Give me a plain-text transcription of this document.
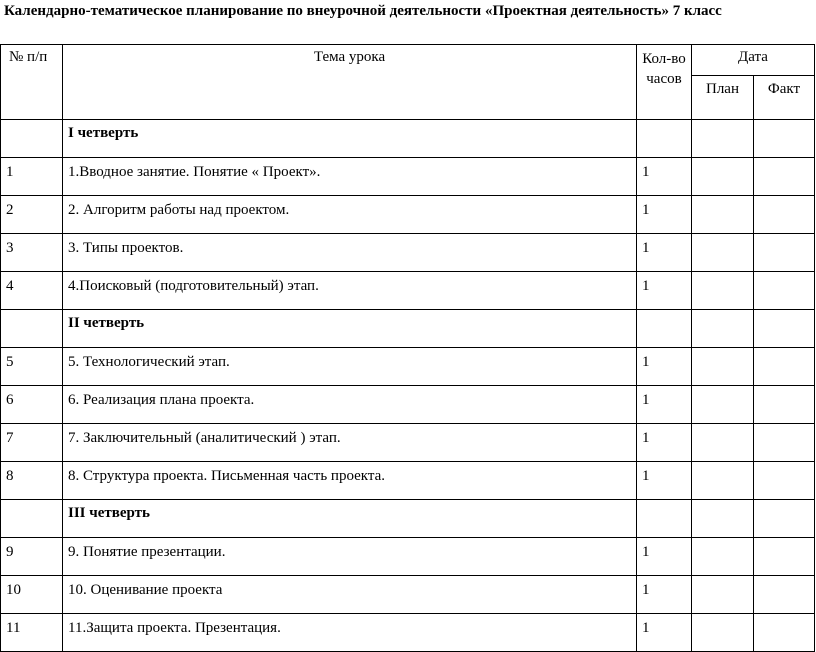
Календарно-тематическое планирование по внеурочной деятельности «Проектная деятельность» 7 класс
№ п/п	Тема урока	Кол-во часов	Дата	
			План	Факт
	I четверть			
1	1.Вводное занятие. Понятие « Проект».	1		
2	2. Алгоритм работы над проектом.	1		
3	3. Типы проектов.	1		
4	4.Поисковый (подготовительный) этап.	1		
	II четверть			
5	5. Технологический этап.	1		
6	6. Реализация плана проекта.	1		
7	7. Заключительный (аналитический ) этап.	1		
8	8. Структура проекта. Письменная часть проекта.	1		
	III четверть			
9	9. Понятие презентации.	1		
10	10. Оценивание проекта	1		
11	11.Защита проекта. Презентация.	1		
